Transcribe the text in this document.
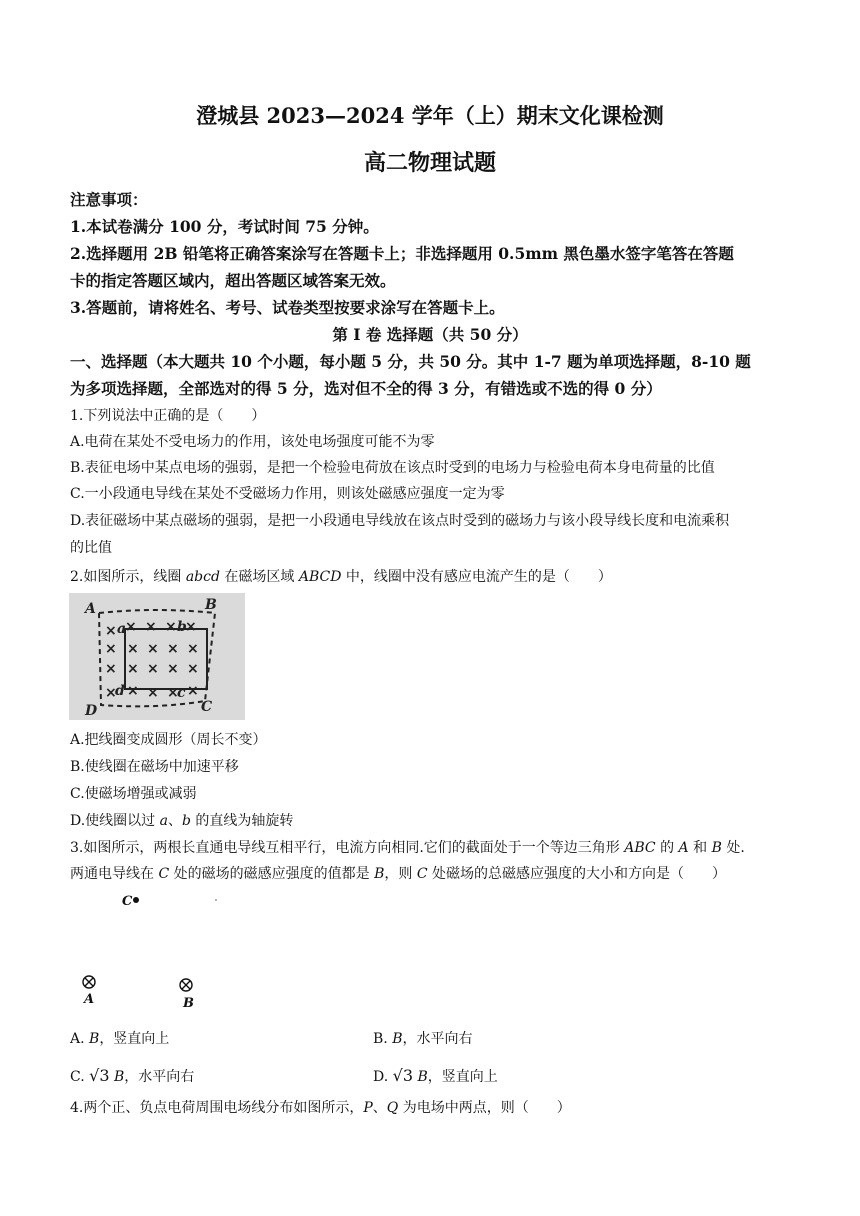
澄城县 2023—2024 学年（上）期末文化课检测
高二物理试题
注意事项：
1.本试卷满分 100 分，考试时间 75 分钟。
2.选择题用 2B 铅笔将正确答案涂写在答题卡上；非选择题用 0.5mm 黑色墨水签字笔答在答题
卡的指定答题区域内，超出答题区域答案无效。
3.答题前，请将姓名、考号、试卷类型按要求涂写在答题卡上。
第 I 卷 选择题（共 50 分）
一、选择题（本大题共 10 个小题，每小题 5 分，共 50 分。其中 1-7 题为单项选择题，8-10 题
为多项选择题，全部选对的得 5 分，选对但不全的得 3 分，有错选或不选的得 0 分）
1.下列说法中正确的是（　　）
A.电荷在某处不受电场力的作用，该处电场强度可能不为零
B.表征电场中某点电场的强弱，是把一个检验电荷放在该点时受到的电场力与检验电荷本身电荷量的比值
C.一小段通电导线在某处不受磁场力作用，则该处磁感应强度一定为零
D.表征磁场中某点磁场的强弱，是把一小段通电导线放在该点时受到的磁场力与该小段导线长度和电流乘积
的比值
2.如图所示，线圈 abcd 在磁场区域 ABCD 中，线圈中没有感应电流产生的是（　　）
× × × × ×
× × × × ×
× × × × ×
× × × × ×
A	B
C
D
a	b
c
d
A.把线圈变成圆形（周长不变）
B.使线圈在磁场中加速平移
C.使磁场增强或减弱
D.使线圈以过 a、b 的直线为轴旋转
3.如图所示，两根长直通电导线互相平行，电流方向相同.它们的截面处于一个等边三角形 ABC 的 A 和 B 处.
两通电导线在 C 处的磁场的磁感应强度的值都是 B，则 C 处磁场的总磁感应强度的大小和方向是（　　）
C
A	B
A. B，竖直向上	B. B，水平向右
C. √3 B，水平向右	D. √3 B，竖直向上
4.两个正、负点电荷周围电场线分布如图所示，P、Q 为电场中两点，则（　　）
